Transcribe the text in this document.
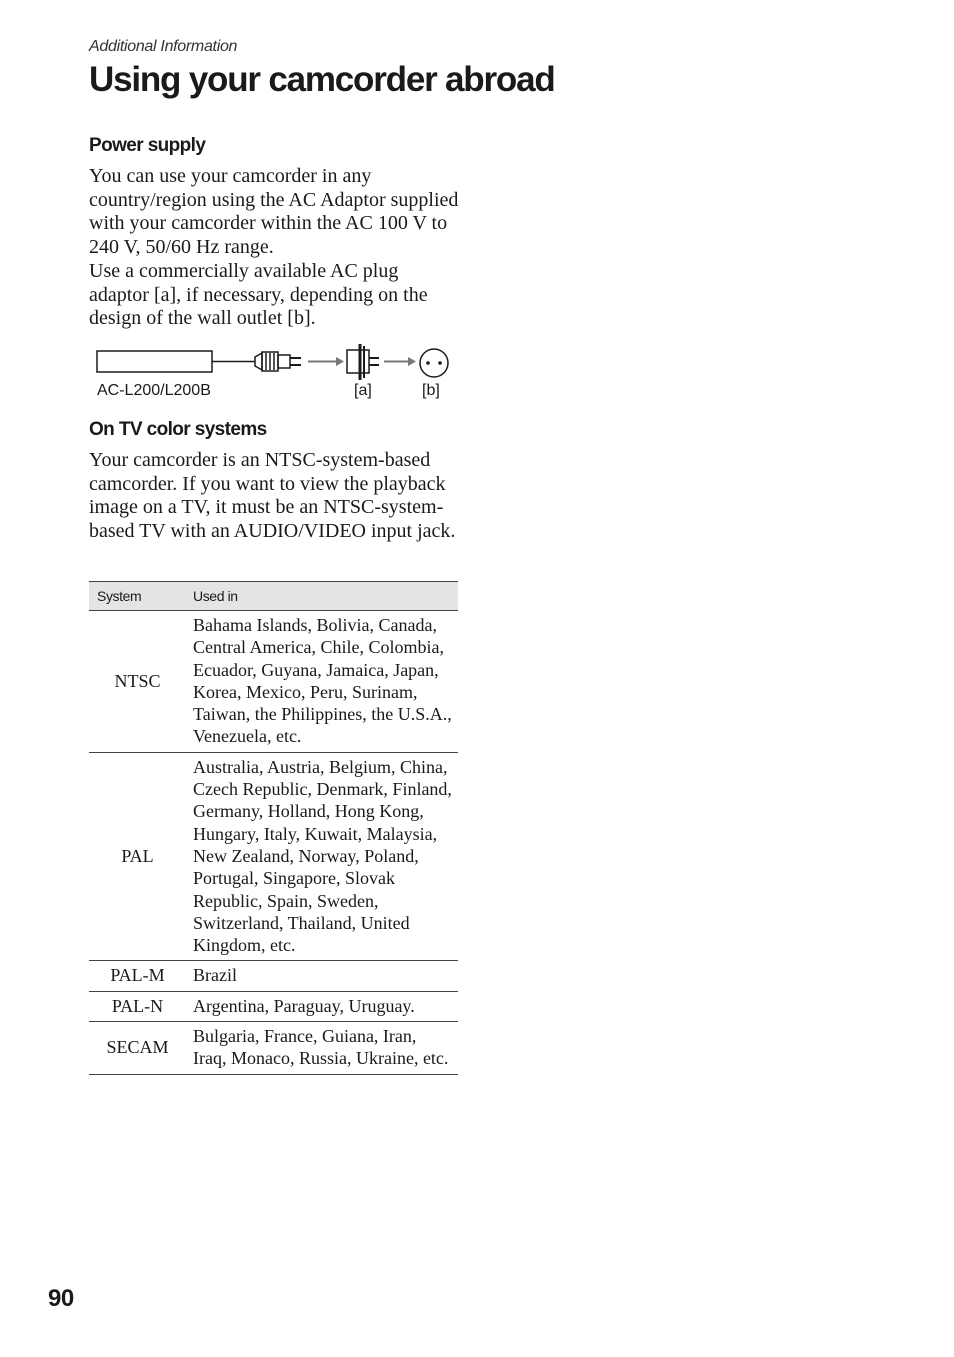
Additional Information
Using your camcorder abroad
Power supply

You can use your camcorder in any country/region using the AC Adaptor supplied with your camcorder within the AC 100 V to 240 V, 50/60 Hz range.

Use a commercially available AC plug adaptor [a], if necessary, depending on the design of the wall outlet [b].

AC-L200/L200B	[a]	[b]
On TV color systems

Your camcorder is an NTSC-system-based camcorder. If you want to view the playback image on a TV, it must be an NTSC-system-based TV with an AUDIO/VIDEO input jack.

System	Used in
NTSC	Bahama Islands, Bolivia, Canada, Central America, Chile, Colombia, Ecuador, Guyana, Jamaica, Japan, Korea, Mexico, Peru, Surinam, Taiwan, the Philippines, the U.S.A., Venezuela, etc.
PAL	Australia, Austria, Belgium, China, Czech Republic, Denmark, Finland, Germany, Holland, Hong Kong, Hungary, Italy, Kuwait, Malaysia, New Zealand, Norway, Poland, Portugal, Singapore, Slovak Republic, Spain, Sweden, Switzerland, Thailand, United Kingdom, etc.
PAL-M	Brazil
PAL-N	Argentina, Paraguay, Uruguay.
SECAM	Bulgaria, France, Guiana, Iran, Iraq, Monaco, Russia, Ukraine, etc.
90
